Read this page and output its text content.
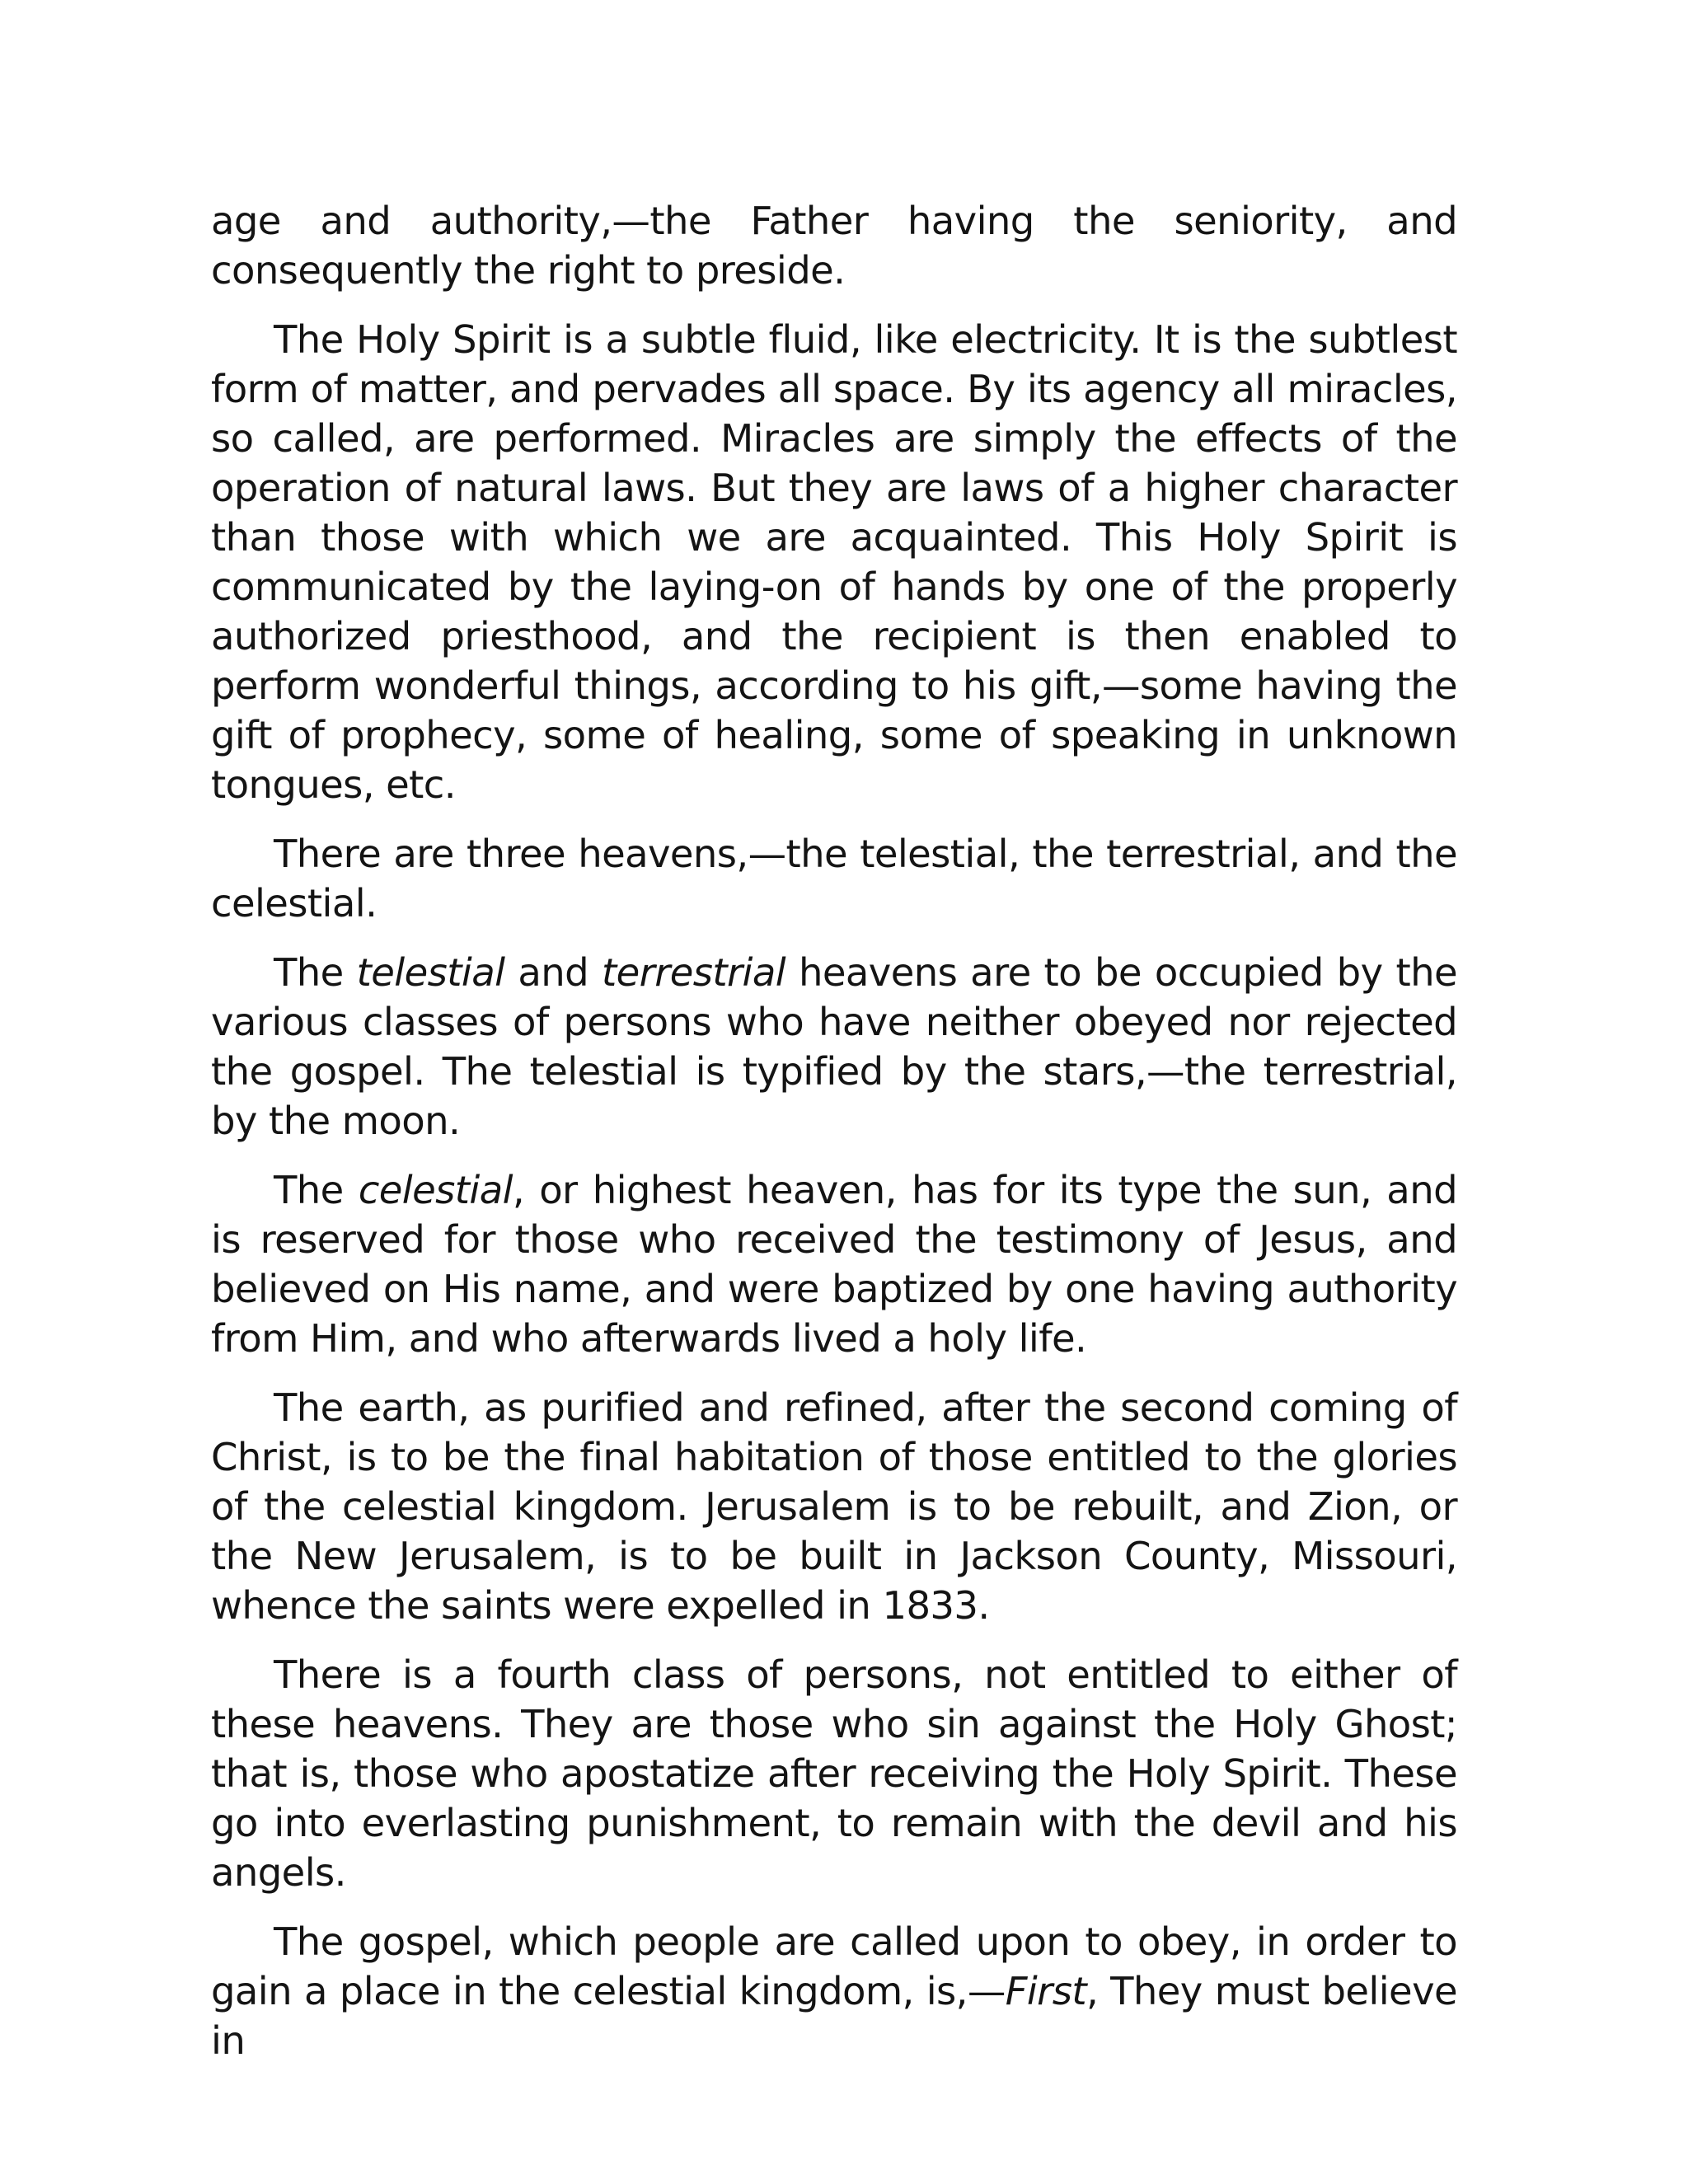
age and authority,—the Father having the seniority, and consequently the right to preside.

The Holy Spirit is a subtle fluid, like electricity. It is the subtlest form of matter, and pervades all space. By its agency all miracles, so called, are performed. Miracles are simply the effects of the operation of natural laws. But they are laws of a higher character than those with which we are acquainted. This Holy Spirit is communicated by the laying-on of hands by one of the properly authorized priesthood, and the recipient is then enabled to perform wonderful things, according to his gift,—some having the gift of prophecy, some of healing, some of speaking in unknown tongues, etc.

There are three heavens,—the telestial, the terrestrial, and the celestial.

The telestial and terrestrial heavens are to be occupied by the various classes of persons who have neither obeyed nor rejected the gospel. The telestial is typified by the stars,—the terrestrial, by the moon.

The celestial, or highest heaven, has for its type the sun, and is reserved for those who received the testimony of Jesus, and believed on His name, and were baptized by one having authority from Him, and who afterwards lived a holy life.

The earth, as purified and refined, after the second coming of Christ, is to be the final habitation of those entitled to the glories of the celestial kingdom. Jerusalem is to be rebuilt, and Zion, or the New Jerusalem, is to be built in Jackson County, Missouri, whence the saints were expelled in 1833.

There is a fourth class of persons, not entitled to either of these heavens. They are those who sin against the Holy Ghost; that is, those who apostatize after receiving the Holy Spirit. These go into everlasting punishment, to remain with the devil and his angels.

The gospel, which people are called upon to obey, in order to gain a place in the celestial kingdom, is,—First, They must believe in
